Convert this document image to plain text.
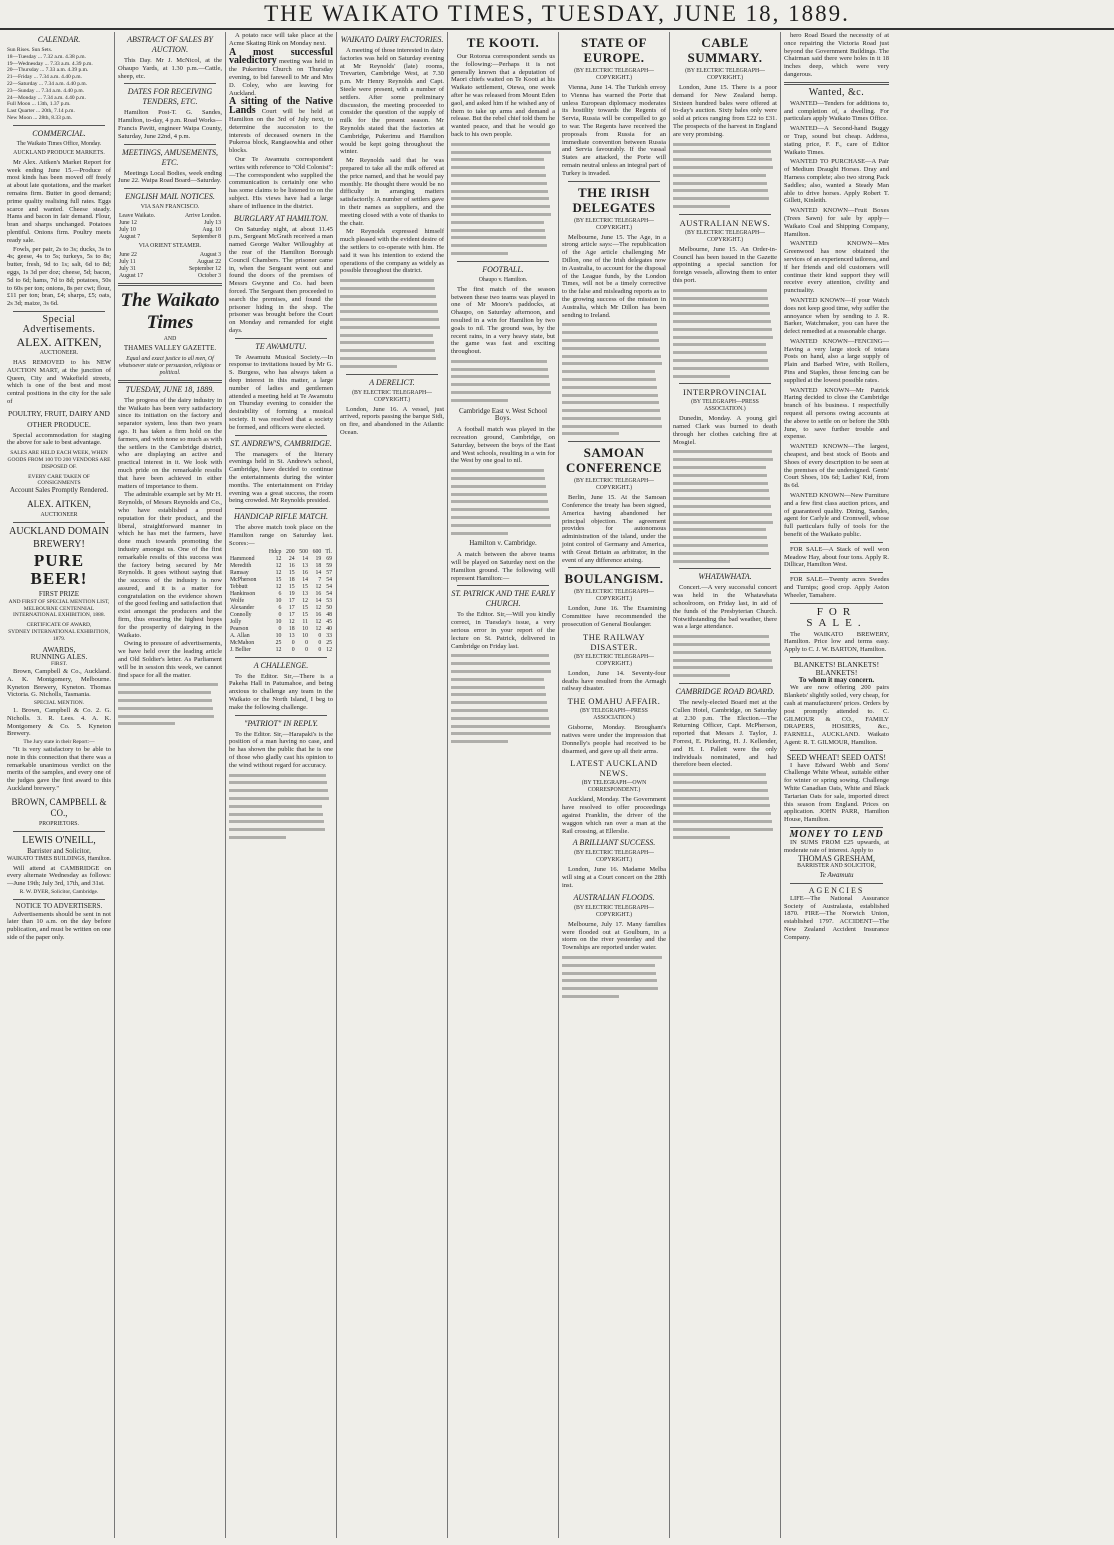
THE WAIKATO TIMES, TUESDAY, JUNE 18, 1889.
CALENDAR.
Sun Rises. Sun Sets.
18—Tuesday ... 7.32 a.m. 4.38 p.m.
19—Wednesday ... 7.33 a.m. 4.39 p.m.
20—Thursday ... 7.33 a.m. 4.39 p.m.
21—Friday ... 7.34 a.m. 4.40 p.m.
22—Saturday ... 7.34 a.m. 4.40 p.m.
23—Sunday ... 7.34 a.m. 4.40 p.m.
24—Monday ... 7.34 a.m. 4.40 p.m.
Full Moon ... 13th, 1.37 p.m.
Last Quarter ... 20th, 7.14 p.m.
New Moon ... 28th, 8.33 p.m.
COMMERCIAL.
The Waikato Times Office, Monday.
AUCKLAND PRODUCE MARKETS.

Mr Alex. Aitken's Market Report for week ending June 15.—Produce of most kinds has been moved off freely at about late quotations, and the market remains firm. Butter in good demand; prime quality realising full rates. Eggs scarce and wanted. Cheese steady. Hams and bacon in fair demand. Flour, bran and sharps unchanged. Potatoes plentiful. Onions firm. Poultry meets ready sale.

Fowls, per pair, 2s to 3s; ducks, 3s to 4s; geese, 4s to 5s; turkeys, 5s to 8s; butter, fresh, 9d to 1s; salt, 6d to 8d; eggs, 1s 3d per doz; cheese, 5d; bacon, 5d to 6d; hams, 7d to 8d; potatoes, 50s to 60s per ton; onions, 8s per cwt; flour, £11 per ton; bran, £4; sharps, £5; oats, 2s 3d; maize, 3s 6d.

Special Advertisements.
ALEX. AITKEN,
AUCTIONEER.

HAS REMOVED to his NEW AUCTION MART, at the junction of Queen, City and Wakefield streets, which is one of the best and most central positions in the city for the sale of

POULTRY, FRUIT, DAIRY AND OTHER PRODUCE.

Special accommodation for staging the above for sale to best advantage.

SALES ARE HELD EACH WEEK, WHEN GOODS FROM 100 TO 200 VENDORS ARE DISPOSED OF.
EVERY CARE TAKEN OF CONSIGNMENTS
Account Sales Promptly Rendered.
ALEX. AITKEN,
AUCTIONEER
AUCKLAND DOMAIN
BREWERY!
PURE BEER!
FIRST PRIZE
AND FIRST OF SPECIAL MENTION LIST,
MELBOURNE CENTENNIAL INTERNATIONAL EXHIBITION, 1888.
CERTIFICATE OF AWARD,
SYDNEY INTERNATIONAL EXHIBITION, 1879.
AWARDS,
RUNNING ALES.
FIRST.

Brown, Campbell & Co., Auckland. A. K. Montgomery, Melbourne. Kyneton Brewery, Kyneton. Thomas Victoria. G. Nicholls, Tasmania.

SPECIAL MENTION.

1. Brown, Campbell & Co. 2. G. Nicholls. 3. R. Lees. 4. A. K. Montgomery & Co. 5. Kyneton Brewery.

The Jury state in their Report:—

"It is very satisfactory to be able to note in this connection that there was a remarkable unanimous verdict on the merits of the samples, and every one of the judges gave the first award to this Auckland brewery."

BROWN, CAMPBELL & CO.,
PROPRIETORS.
LEWIS O'NEILL,
Barrister and Solicitor,
WAIKATO TIMES BUILDINGS, Hamilton.

Will attend at CAMBRIDGE on every alternate Wednesday as follows:—June 19th; July 3rd, 17th, and 31st.

R. W. DYER, Solicitor, Cambridge.
NOTICE TO ADVERTISERS.

Advertisements should be sent in not later than 10 a.m. on the day before publication, and must be written on one side of the paper only.

ABSTRACT OF SALES BY AUCTION.

This Day. Mr J. McNicol, at the Ohaupo Yards, at 1.30 p.m.—Cattle, sheep, etc.

DATES FOR RECEIVING TENDERS, ETC.

Hamilton Post-T. G. Sandes, Hamilton, to-day, 4 p.m. Road Works—Francis Pavitt, engineer Waipa County, Saturday, June 22nd, 4 p.m.

MEETINGS, AMUSEMENTS, ETC.

Meetings Local Bodies, week ending June 22. Waipa Road Board—Saturday.

ENGLISH MAIL NOTICES.
VIA SAN FRANCISCO.
Leave Waikato.	Arrive London.
June 12	July 13
July 10	Aug. 10
August 7	September 8
VIA ORIENT STEAMER.
June 22	August 3
July 11	August 22
July 31	September 12
August 17	October 3
The Waikato Times
AND
THAMES VALLEY GAZETTE.
Equal and exact justice to all men, Of whatsoever state or persuasion, religious or political.
TUESDAY, JUNE 18, 1889.

The progress of the dairy industry in the Waikato has been very satisfactory since its initiation on the factory and separator system, less than two years ago. It has taken a firm hold on the farmers, and with none so much as with the settlers in the Cambridge district, who are displaying an active and practical interest in it. We look with much pride on the remarkable results that have been achieved in either matters of importance to them.

The admirable example set by Mr H. Reynolds, of Messrs Reynolds and Co., who have established a proud reputation for their product, and the liberal, straightforward manner in which he has met the farmers, have done much towards promoting the industry amongst us. One of the first remarkable results of this success was the factory being secured by Mr Reynolds. It goes without saying that the success of the industry is now assured, and it is a matter for congratulation on the evidence shown of the good feeling and satisfaction that exist amongst the producers and the firm, thus ensuring the highest hopes for the prosperity of dairying in the Waikato.

Owing to pressure of advertisements, we have held over the leading article and Old Soldier's letter. As Parliament will be in session this week, we cannot find space for all the matter.

A potato race will take place at the Acme Skating Rink on Monday next.

A most successful valedictory meeting was held in the Pukerimu Church on Thursday evening, to bid farewell to Mr and Mrs D. Coley, who are leaving for Auckland.

A sitting of the Native Lands Court will be held at Hamilton on the 3rd of July next, to determine the succession to the interests of deceased owners in the Pukeroa block, Rangiaowhia and other blocks.

Our Te Awamutu correspondent writes with reference to "Old Colonist":—The correspondent who supplied the communication is certainly one who has some claims to be listened to on the subject. His views have had a large share of influence in the district.

BURGLARY AT HAMILTON.

On Saturday night, at about 11.45 p.m., Sergeant McGrath received a man named George Walter Willoughby at the rear of the Hamilton Borough Council Chambers. The prisoner came in, when the Sergeant went out and found the doors of the premises of Messrs Gwynne and Co. had been forced. The Sergeant then proceeded to search the premises, and found the prisoner hiding in the shop. The prisoner was brought before the Court on Monday and remanded for eight days.

TE AWAMUTU.

Te Awamutu Musical Society.—In response to invitations issued by Mr G. S. Burgess, who has always taken a deep interest in this matter, a large number of ladies and gentlemen attended a meeting held at Te Awamutu on Thursday evening to consider the desirability of forming a musical society. It was resolved that a society be formed, and officers were elected.

ST. ANDREW'S, CAMBRIDGE.

The managers of the literary evenings held in St. Andrew's school, Cambridge, have decided to continue the entertainments during the winter months. The entertainment on Friday evening was a great success, the room being crowded. Mr Reynolds presided.

HANDICAP RIFLE MATCH.

The above match took place on the Hamilton range on Saturday last. Scores:—

	Hdcp	200	500	600	Tl.
Hammond	12	24	14	19	69
Meredith	12	16	13	18	59
Ramsay	12	15	16	14	57
McPherson	15	18	14	7	54
Tebbutt	12	15	15	12	54
Hankinson	6	19	13	16	54
Wolfe	10	17	12	14	53
Alexander	6	17	15	12	50
Connolly	0	17	15	16	48
Jolly	10	12	11	12	45
Pearson	0	18	10	12	40
A. Allan	10	13	10	0	33
McMahon	25	0	0	0	25
J. Bellier	12	0	0	0	12
A CHALLENGE.

To the Editor. Sir,—There is a Pakeha Hall in Patumahoe, and being anxious to challenge any team in the Waikato or the North Island, I beg to make the following challenge.

"PATRIOT" IN REPLY.

To the Editor. Sir,—Harapaki's is the position of a man having no case, and he has shown the public that he is one of those who gladly cast his opinion to the wind without regard for accuracy.

WAIKATO DAIRY FACTORIES.

A meeting of those interested in dairy factories was held on Saturday evening at Mr Reynolds' (late) rooms, Trevarten, Cambridge West, at 7.30 p.m. Mr Henry Reynolds and Capt. Steele were present, with a number of settlers. After some preliminary discussion, the meeting proceeded to consider the question of the supply of milk for the present season. Mr Reynolds stated that the factories at Cambridge, Pukerimu and Hamilton would be kept going throughout the winter.

Mr Reynolds said that he was prepared to take all the milk offered at the price named, and that he would pay monthly. He thought there would be no difficulty in arranging matters satisfactorily. A number of settlers gave in their names as suppliers, and the meeting closed with a vote of thanks to the chair.

Mr Reynolds expressed himself much pleased with the evident desire of the settlers to co-operate with him. He said it was his intention to extend the operations of the company as widely as possible throughout the district.

A DERELICT.
(BY ELECTRIC TELEGRAPH—COPYRIGHT.)

London, June 16. A vessel, just arrived, reports passing the barque Sidi, on fire, and abandoned in the Atlantic Ocean.

TE KOOTI.

Our Rotorua correspondent sends us the following:—Perhaps it is not generally known that a deputation of Maori chiefs waited on Te Kooti at his Waikato settlement, Otewa, one week after he was released from Mount Eden gaol, and asked him if he wished any of them to take up arms and demand a release. But the rebel chief told them he wanted peace, and that he would go back to his own people.

FOOTBALL.
Ohaupo v. Hamilton.

The first match of the season between these two teams was played in one of Mr Moore's paddocks, at Ohaupo, on Saturday afternoon, and resulted in a win for Hamilton by two goals to nil. The ground was, by the recent rains, in a very heavy state, but the game was fast and exciting throughout.

Cambridge East v. West School Boys.

A football match was played in the recreation ground, Cambridge, on Saturday, between the boys of the East and West schools, resulting in a win for the West by one goal to nil.

Hamilton v. Cambridge.

A match between the above teams will be played on Saturday next on the Hamilton ground. The following will represent Hamilton:—

ST. PATRICK AND THE EARLY CHURCH.

To the Editor. Sir,—Will you kindly correct, in Tuesday's issue, a very serious error in your report of the lecture on St. Patrick, delivered in Cambridge on Friday last.

STATE OF EUROPE.
(BY ELECTRIC TELEGRAPH—COPYRIGHT.)

Vienna, June 14. The Turkish envoy to Vienna has warned the Porte that unless European diplomacy moderates its hostility towards the Regents of Servia, Russia will be compelled to go to war. The Regents have received the proposals from Russia for an immediate convention between Russia and Servia favourably. If the vassal States are attacked, the Porte will remain neutral unless an integral part of Turkey is invaded.

THE IRISH DELEGATES
(BY ELECTRIC TELEGRAPH—COPYRIGHT.)

Melbourne, June 15. The Age, in a strong article says:—The republication of the Age article challenging Mr Dillon, one of the Irish delegates now in Australia, to account for the disposal of the League funds, by the London Times, will not be a timely corrective to the false and misleading reports as to the growing success of the mission in Australia, which Mr Dillon has been sending to Ireland.

SAMOAN CONFERENCE
(BY ELECTRIC TELEGRAPH—COPYRIGHT.)

Berlin, June 15. At the Samoan Conference the treaty has been signed, America having abandoned her principal objection. The agreement provides for autonomous administration of the island, under the joint control of Germany and America, with Great Britain as arbitrator, in the event of any difference arising.

BOULANGISM.
(BY ELECTRIC TELEGRAPH—COPYRIGHT.)

London, June 16. The Examining Committee have recommended the prosecution of General Boulanger.

THE RAILWAY DISASTER.
(BY ELECTRIC TELEGRAPH—COPYRIGHT.)

London, June 14. Seventy-four deaths have resulted from the Armagh railway disaster.

THE OMAHU AFFAIR.
(BY TELEGRAPH—PRESS ASSOCIATION.)

Gisborne, Monday. Brougham's natives were under the impression that Donnelly's people had received to be disarmed, and gave up all their arms.

LATEST AUCKLAND NEWS.
(BY TELEGRAPH—OWN CORRESPONDENT.)

Auckland, Monday. The Government have resolved to offer proceedings against Franklin, the driver of the waggon which ran over a man at the Rail crossing, at Ellerslie.

A BRILLIANT SUCCESS.
(BY ELECTRIC TELEGRAPH—COPYRIGHT.)

London, June 16. Madame Melba will sing at a Court concert on the 28th inst.

AUSTRALIAN FLOODS.
(BY ELECTRIC TELEGRAPH—COPYRIGHT.)

Melbourne, July 17. Many families were flooded out at Goulburn, in a storm on the river yesterday and the Townships are reported under water.

CABLE SUMMARY.
(BY ELECTRIC TELEGRAPH—COPYRIGHT.)

London, June 15. There is a poor demand for New Zealand hemp. Sixteen hundred bales were offered at to-day's auction. Sixty bales only were sold at prices ranging from £22 to £31. The prospects of the harvest in England are very promising.

AUSTRALIAN NEWS.
(BY ELECTRIC TELEGRAPH—COPYRIGHT.)

Melbourne, June 15. An Order-in-Council has been issued in the Gazette appointing a special sanction for foreign vessels, allowing them to enter this port.

INTERPROVINCIAL
(BY TELEGRAPH—PRESS ASSOCIATION.)

Dunedin, Monday. A young girl named Clark was burned to death through her clothes catching fire at Mosgiel.

WHATAWHATA.

Concert.—A very successful concert was held in the Whatawhata schoolroom, on Friday last, in aid of the funds of the Presbyterian Church. Notwithstanding the bad weather, there was a large attendance.

CAMBRIDGE ROAD BOARD.

The newly-elected Board met at the Cullen Hotel, Cambridge, on Saturday at 2.30 p.m. The Election.—The Returning Officer, Capt. McPherson, reported that Messrs J. Taylor, J. Forrest, E. Pickering, H. J. Kellender, and H. I. Pallett were the only individuals nominated, and had therefore been elected.

hero Road Board the necessity of at once repairing the Victoria Road just beyond the Government Buildings. The Chairman said there were holes in it 18 inches deep, which were very dangerous.

Wanted, &c.

WANTED—Tenders for additions to, and completion of, a dwelling. For particulars apply Waikato Times Office.

WANTED—A Second-hand Buggy or Trap, sound but cheap. Address, stating price, F. F., care of Editor Waikato Times.

WANTED TO PURCHASE—A Pair of Medium Draught Horses. Dray and Harness complete; also two strong Pack Saddles; also, wanted a Steady Man able to drive horses. Apply Robert T. Gillett, Kinleith.

WANTED KNOWN—Fruit Boxes (Trees Sawn) for sale by apply—Waikato Coal and Shipping Company, Hamilton.

WANTED KNOWN—Mrs Greenwood has now obtained the services of an experienced tailoress, and if her friends and old customers will continue their kind support they will receive every attention, civility and punctuality.

WANTED KNOWN—If your Watch does not keep good time, why suffer the annoyance when by sending to J. R. Barker, Watchmaker, you can have the defect remedied at a reasonable charge.

WANTED KNOWN—FENCING—Having a very large stock of totara Posts on hand, also a large supply of Plain and Barbed Wire, with Rollers, Pins and Staples, those fencing can be supplied at the lowest possible rates.

WANTED KNOWN—Mr Patrick Haring decided to close the Cambridge branch of his business. I respectfully request all persons owing accounts at the above to settle on or before the 30th June, to save further trouble and expense.

WANTED KNOWN—The largest, cheapest, and best stock of Boots and Shoes of every description to be seen at the premises of the undersigned. Gents' Court Shoes, 10s 6d; Ladies' Kid, from 8s 6d.

WANTED KNOWN—New Furniture and a few first class auction prices, and of guaranteed quality. Dining, Sandes, agent for Carlyle and Cromwell, whose full particulars fully of tools for the benefit of the Waikato public.

FOR SALE—A Stack of well won Meadow Hay, about four tons. Apply R. Dillicar, Hamilton West.

FOR SALE—Twenty acres Swedes and Turnips; good crop. Apply Aston Wheeler, Tamahere.

FOR SALE.

The WAIKATO BREWERY, Hamilton. Price low and terms easy. Apply to C. J. W. BARTON, Hamilton.

BLANKETS! BLANKETS! BLANKETS!
To whom it may concern.

We are now offering 200 pairs Blankets' slightly soiled, very cheap, for cash at manufacturers' prices. Orders by post promptly attended to. C. GILMOUR & CO., FAMILY DRAPERS, HOSIERS, &c., FARNELL, AUCKLAND. Waikato Agent: R. T. GILMOUR, Hamilton.

SEED WHEAT! SEED OATS!

I have Edward Webb and Sons' Challenge White Wheat, suitable either for winter or spring sowing. Challenge White Canadian Oats, White and Black Tartarian Oats for sale, imported direct this season from England. Prices on application. JOHN PARR, Hamilton House, Hamilton.

MONEY TO LEND

IN SUMS FROM £25 upwards, at moderate rate of interest. Apply to

THOMAS GRESHAM,
BARRISTER AND SOLICITOR,
Te Awamutu
AGENCIES

LIFE—The National Assurance Society of Australasia, established 1870. FIRE—The Norwich Union, established 1797. ACCIDENT—The New Zealand Accident Insurance Company.
